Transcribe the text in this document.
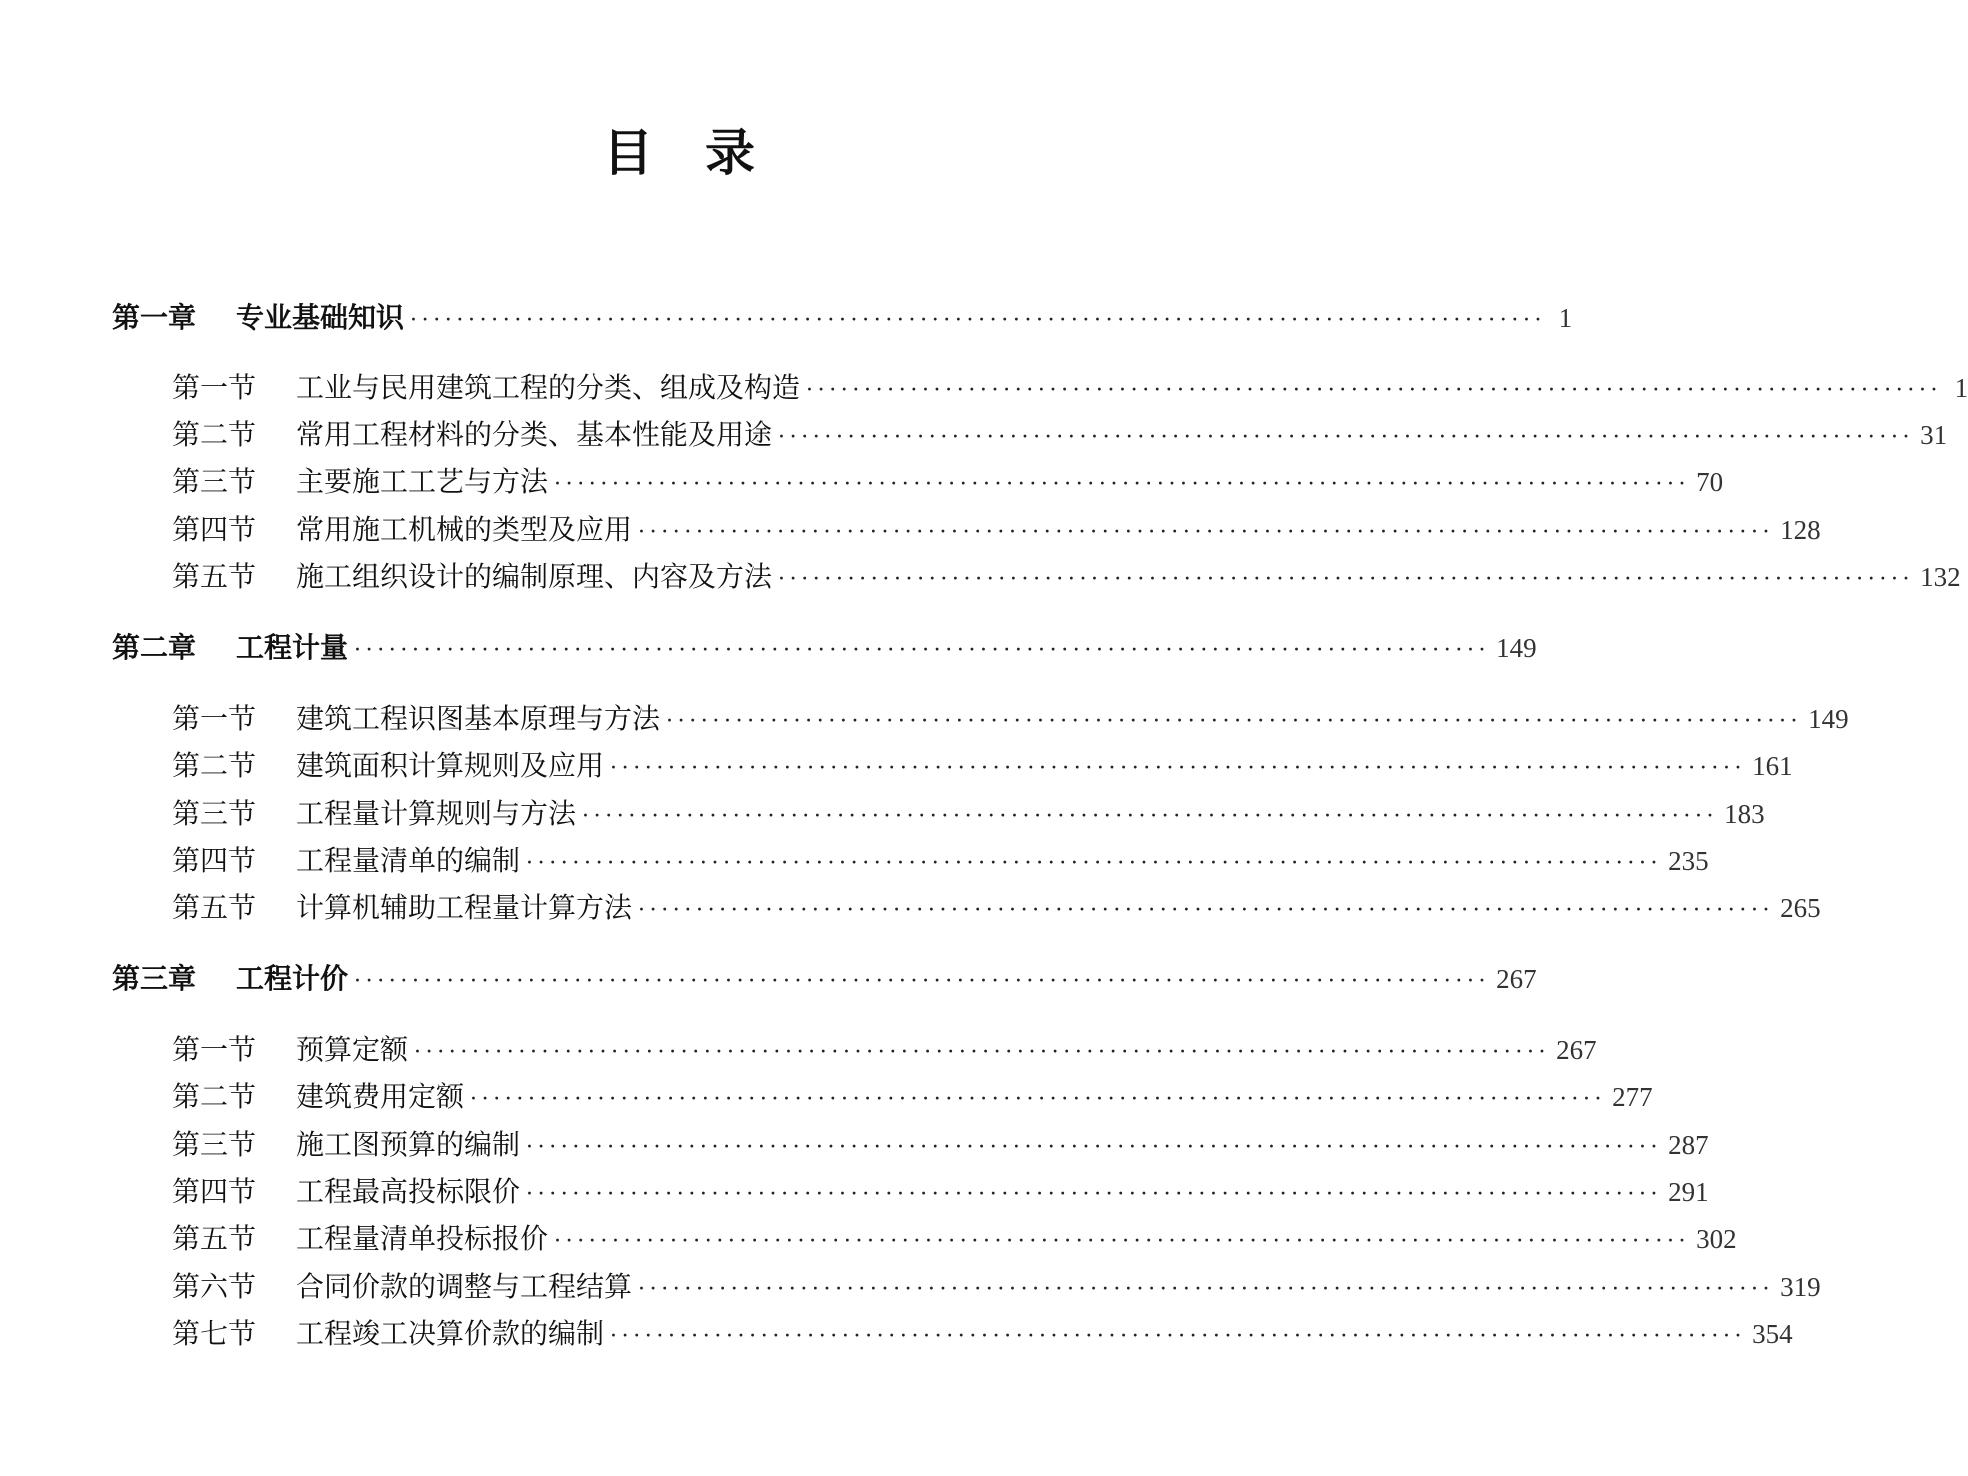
目录
第一章	专业基础知识 ·································································································· 1
第一节	工业与民用建筑工程的分类、组成及构造 ·································································································· 1
第二节	常用工程材料的分类、基本性能及用途 ·································································································· 31
第三节	主要施工工艺与方法 ·································································································· 70
第四节	常用施工机械的类型及应用 ·································································································· 128
第五节	施工组织设计的编制原理、内容及方法 ·································································································· 132
第二章	工程计量 ·································································································· 149
第一节	建筑工程识图基本原理与方法 ·································································································· 149
第二节	建筑面积计算规则及应用 ·································································································· 161
第三节	工程量计算规则与方法 ·································································································· 183
第四节	工程量清单的编制 ·································································································· 235
第五节	计算机辅助工程量计算方法 ·································································································· 265
第三章	工程计价 ·································································································· 267
第一节	预算定额 ·································································································· 267
第二节	建筑费用定额 ·································································································· 277
第三节	施工图预算的编制 ·································································································· 287
第四节	工程最高投标限价 ·································································································· 291
第五节	工程量清单投标报价 ·································································································· 302
第六节	合同价款的调整与工程结算 ·································································································· 319
第七节	工程竣工决算价款的编制 ·································································································· 354
